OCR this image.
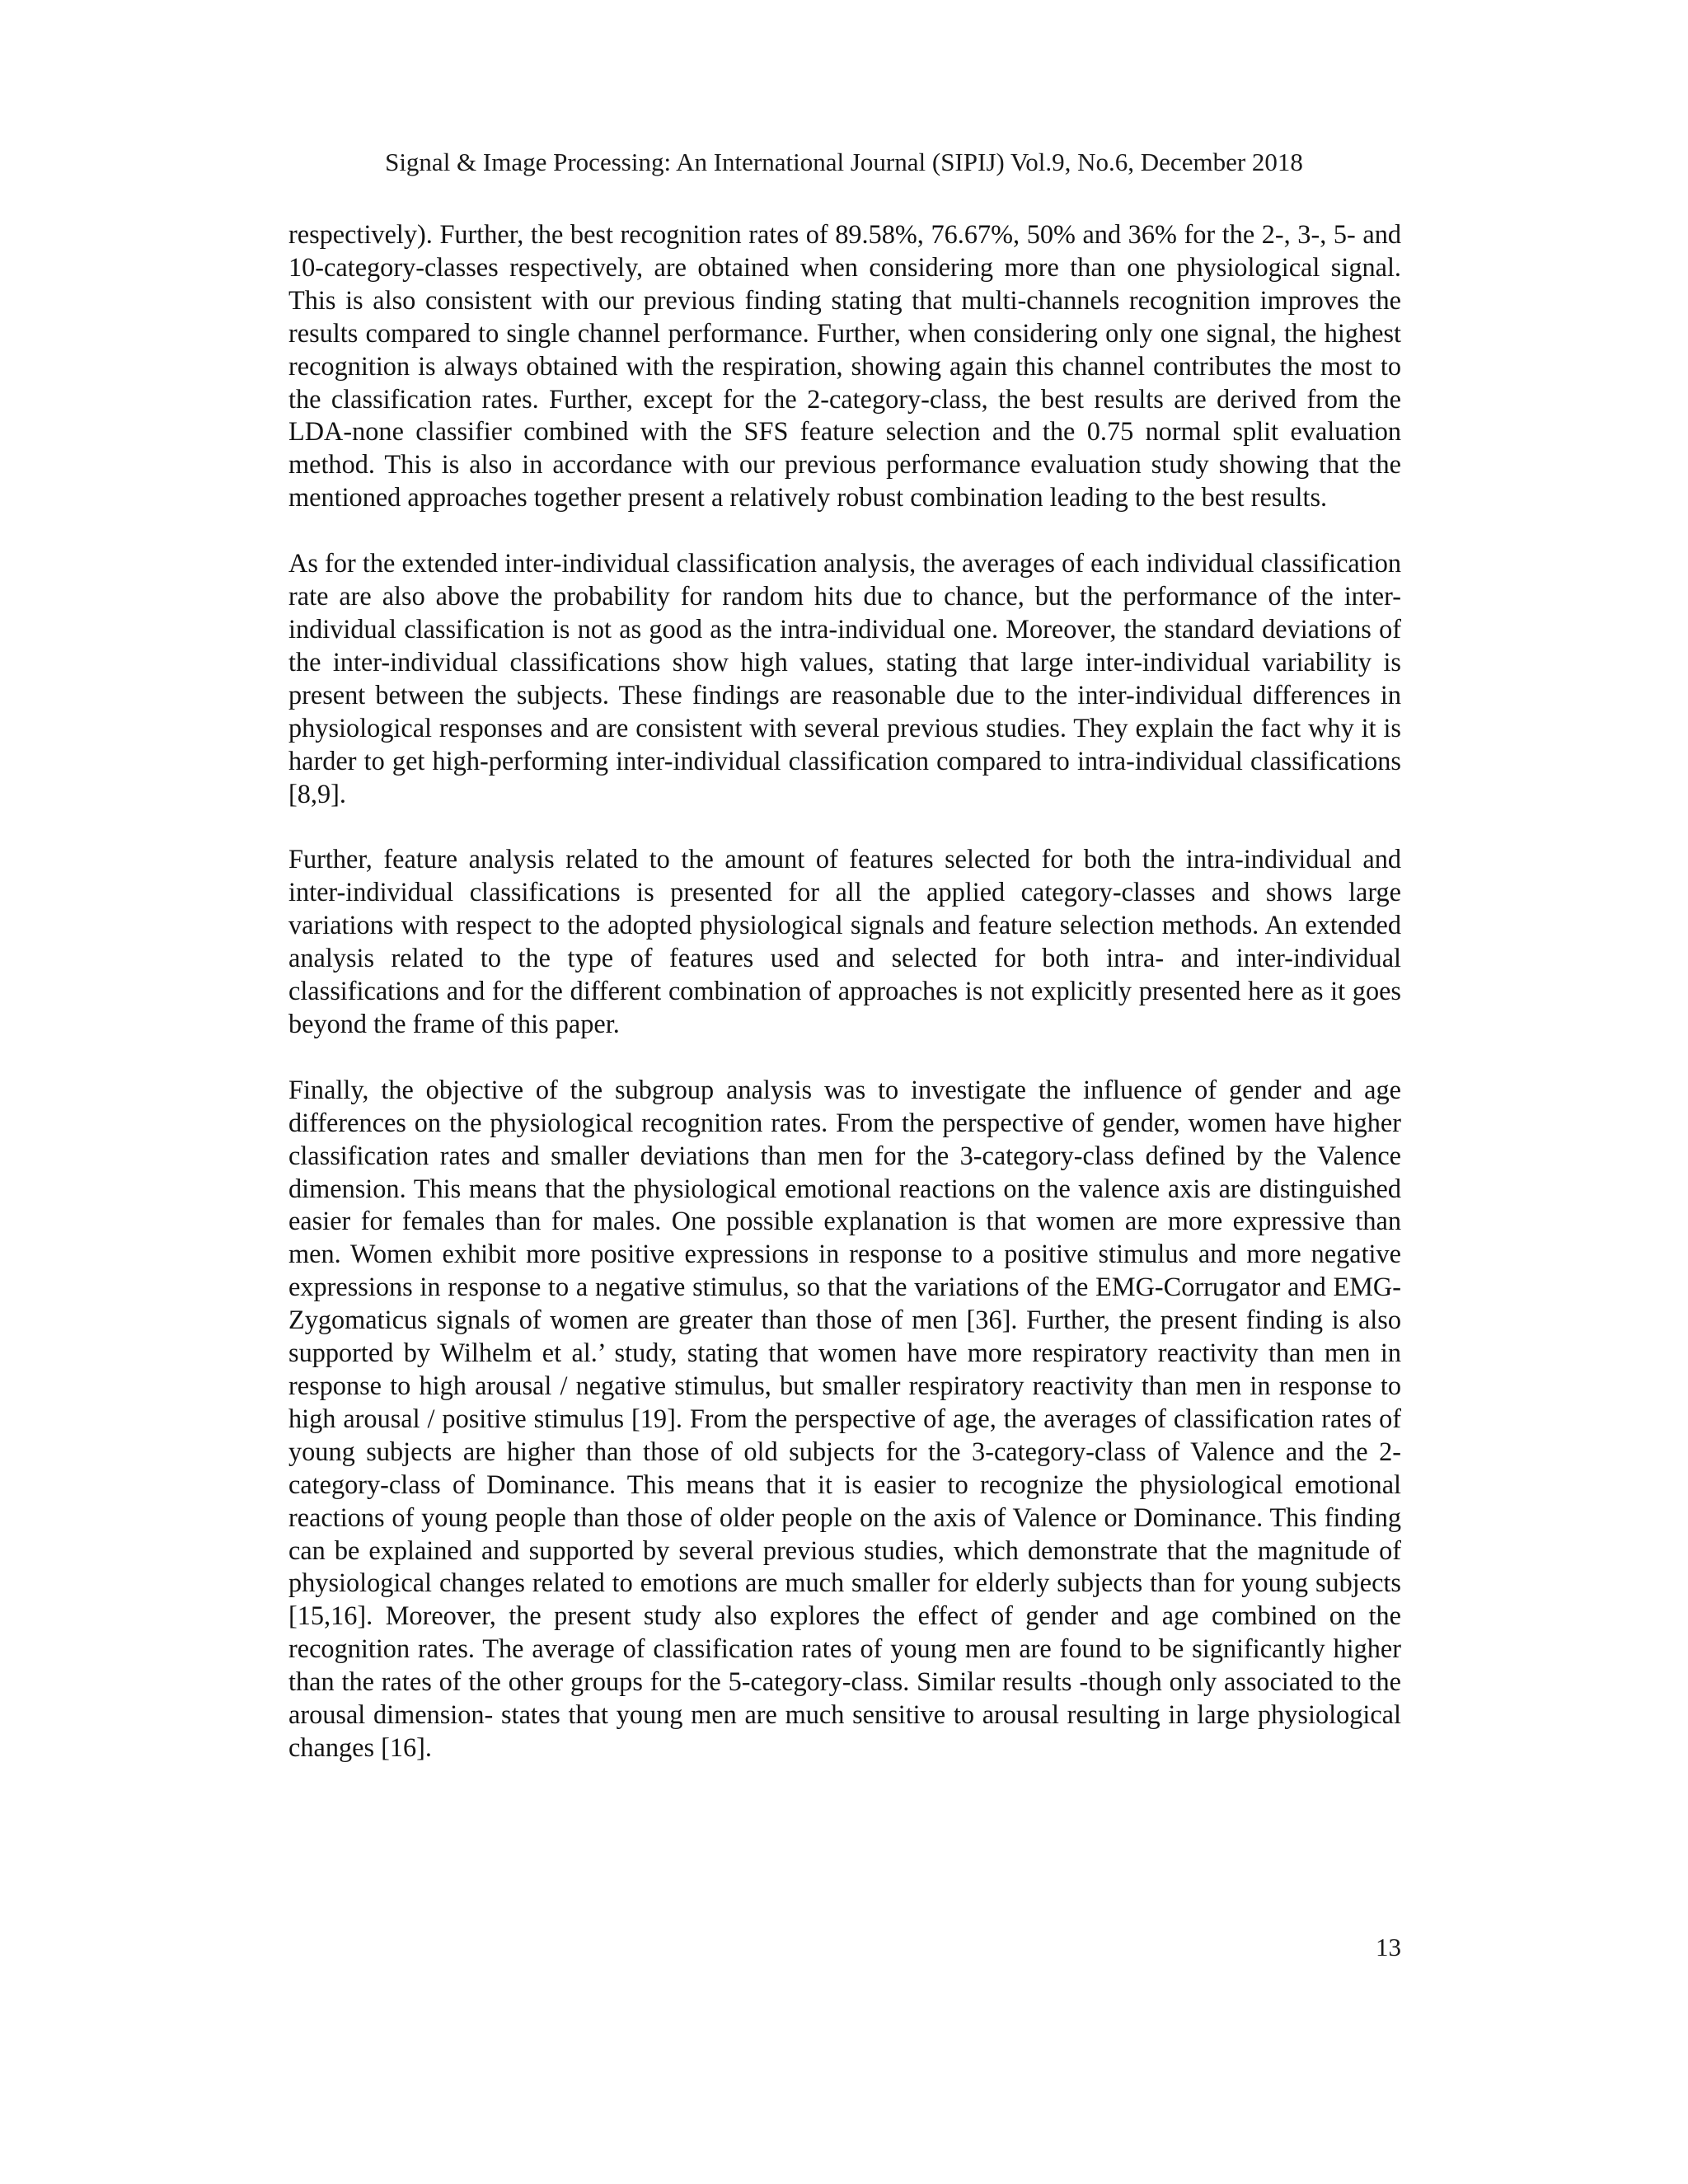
Signal & Image Processing: An International Journal (SIPIJ) Vol.9, No.6, December 2018

respectively). Further, the best recognition rates of 89.58%, 76.67%, 50% and 36% for the 2-, 3-, 5- and 10-category-classes respectively, are obtained when considering more than one physiological signal. This is also consistent with our previous finding stating that multi-channels recognition improves the results compared to single channel performance. Further, when considering only one signal, the highest recognition is always obtained with the respiration, showing again this channel contributes the most to the classification rates. Further, except for the 2-category-class, the best results are derived from the LDA-none classifier combined with the SFS feature selection and the 0.75 normal split evaluation method. This is also in accordance with our previous performance evaluation study showing that the mentioned approaches together present a relatively robust combination leading to the best results.

As for the extended inter-individual classification analysis, the averages of each individual classification rate are also above the probability for random hits due to chance, but the performance of the inter-individual classification is not as good as the intra-individual one. Moreover, the standard deviations of the inter-individual classifications show high values, stating that large inter-individual variability is present between the subjects. These findings are reasonable due to the inter-individual differences in physiological responses and are consistent with several previous studies. They explain the fact why it is harder to get high-performing inter-individual classification compared to intra-individual classifications [8,9].

Further, feature analysis related to the amount of features selected for both the intra-individual and inter-individual classifications is presented for all the applied category-classes and shows large variations with respect to the adopted physiological signals and feature selection methods. An extended analysis related to the type of features used and selected for both intra- and inter-individual classifications and for the different combination of approaches is not explicitly presented here as it goes beyond the frame of this paper.

Finally, the objective of the subgroup analysis was to investigate the influence of gender and age differences on the physiological recognition rates. From the perspective of gender, women have higher classification rates and smaller deviations than men for the 3-category-class defined by the Valence dimension. This means that the physiological emotional reactions on the valence axis are distinguished easier for females than for males. One possible explanation is that women are more expressive than men. Women exhibit more positive expressions in response to a positive stimulus and more negative expressions in response to a negative stimulus, so that the variations of the EMG-Corrugator and EMG-Zygomaticus signals of women are greater than those of men [36]. Further, the present finding is also supported by Wilhelm et al.’ study, stating that women have more respiratory reactivity than men in response to high arousal / negative stimulus, but smaller respiratory reactivity than men in response to high arousal / positive stimulus [19]. From the perspective of age, the averages of classification rates of young subjects are higher than those of old subjects for the 3-category-class of Valence and the 2-category-class of Dominance. This means that it is easier to recognize the physiological emotional reactions of young people than those of older people on the axis of Valence or Dominance. This finding can be explained and supported by several previous studies, which demonstrate that the magnitude of physiological changes related to emotions are much smaller for elderly subjects than for young subjects [15,16]. Moreover, the present study also explores the effect of gender and age combined on the recognition rates. The average of classification rates of young men are found to be significantly higher than the rates of the other groups for the 5-category-class. Similar results -though only associated to the arousal dimension- states that young men are much sensitive to arousal resulting in large physiological changes [16].

13
